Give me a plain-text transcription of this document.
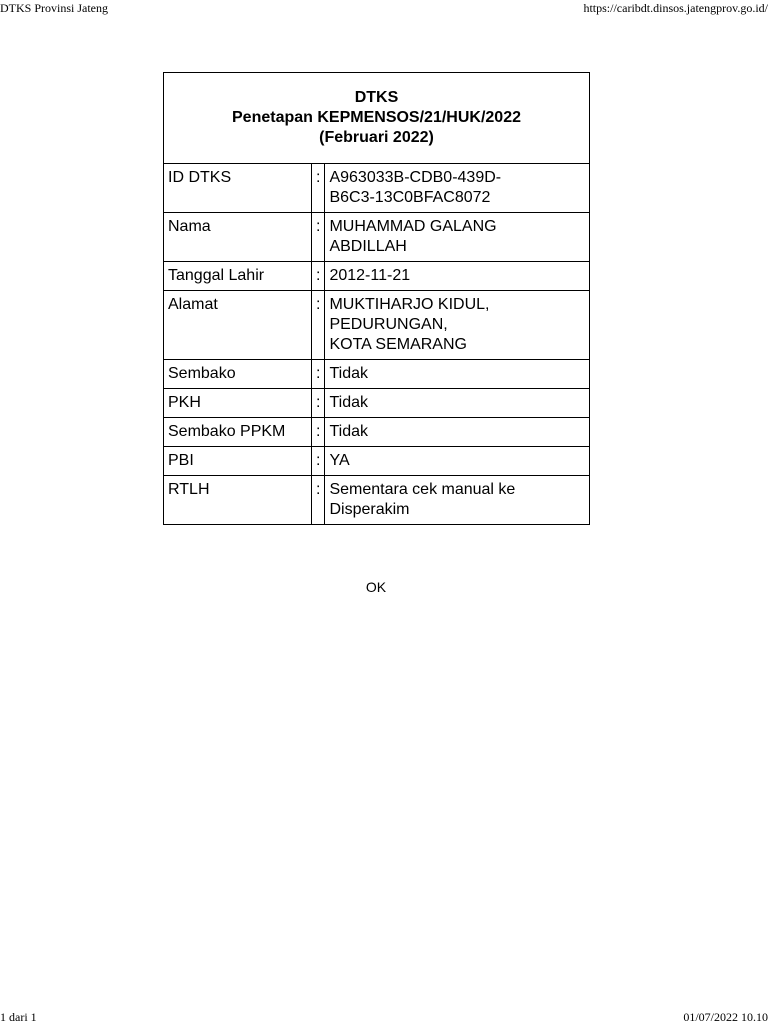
DTKS Provinsi Jateng	https://caribdt.dinsos.jatengprov.go.id/
DTKS
Penetapan KEPMENSOS/21/HUK/2022
(Februari 2022)		

ID DTKS	:	A963033B-CDB0-439D-
B6C3-13C0BFAC8072

Nama	:	MUHAMMAD GALANG
ABDILLAH

Tanggal Lahir	:	2012-11-21

Alamat	:	MUKTIHARJO KIDUL,
PEDURUNGAN,
KOTA SEMARANG

Sembako	:	Tidak

PKH	:	Tidak

Sembako PPKM	:	Tidak

PBI	:	YA

RTLH	:	Sementara cek manual ke
Disperakim
OK
1 dari 1	01/07/2022 10.10
